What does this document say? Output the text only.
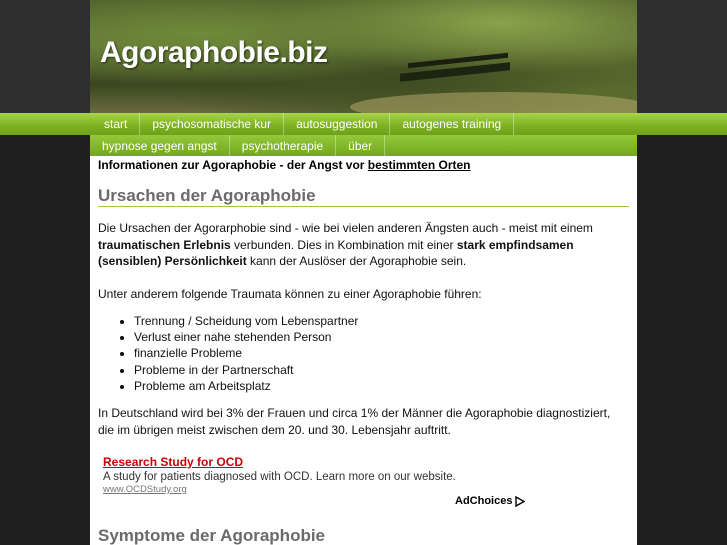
Agoraphobie.biz
start	psychosomatische kur	autosuggestion	autogenes training
hypnose gegen angst	psychotherapie	über
Informationen zur Agoraphobie - der Angst vor bestimmten Orten
Ursachen der Agoraphobie
Die Ursachen der Agorarphobie sind - wie bei vielen anderen Ängsten auch - meist mit einem traumatischen Erlebnis verbunden. Dies in Kombination mit einer stark empfindsamen (sensiblen) Persönlichkeit kann der Auslöser der Agoraphobie sein.
Unter anderem folgende Traumata können zu einer Agoraphobie führen:
• Trennung / Scheidung vom Lebenspartner
• Verlust einer nahe stehenden Person
• finanzielle Probleme
• Probleme in der Partnerschaft
• Probleme am Arbeitsplatz
In Deutschland wird bei 3% der Frauen und circa 1% der Männer die Agoraphobie diagnostiziert, die im übrigen meist zwischen dem 20. und 30. Lebensjahr auftritt.
Research Study for OCD
A study for patients diagnosed with OCD. Learn more on our website.
www.OCDStudy.org
AdChoices
Symptome der Agoraphobie
